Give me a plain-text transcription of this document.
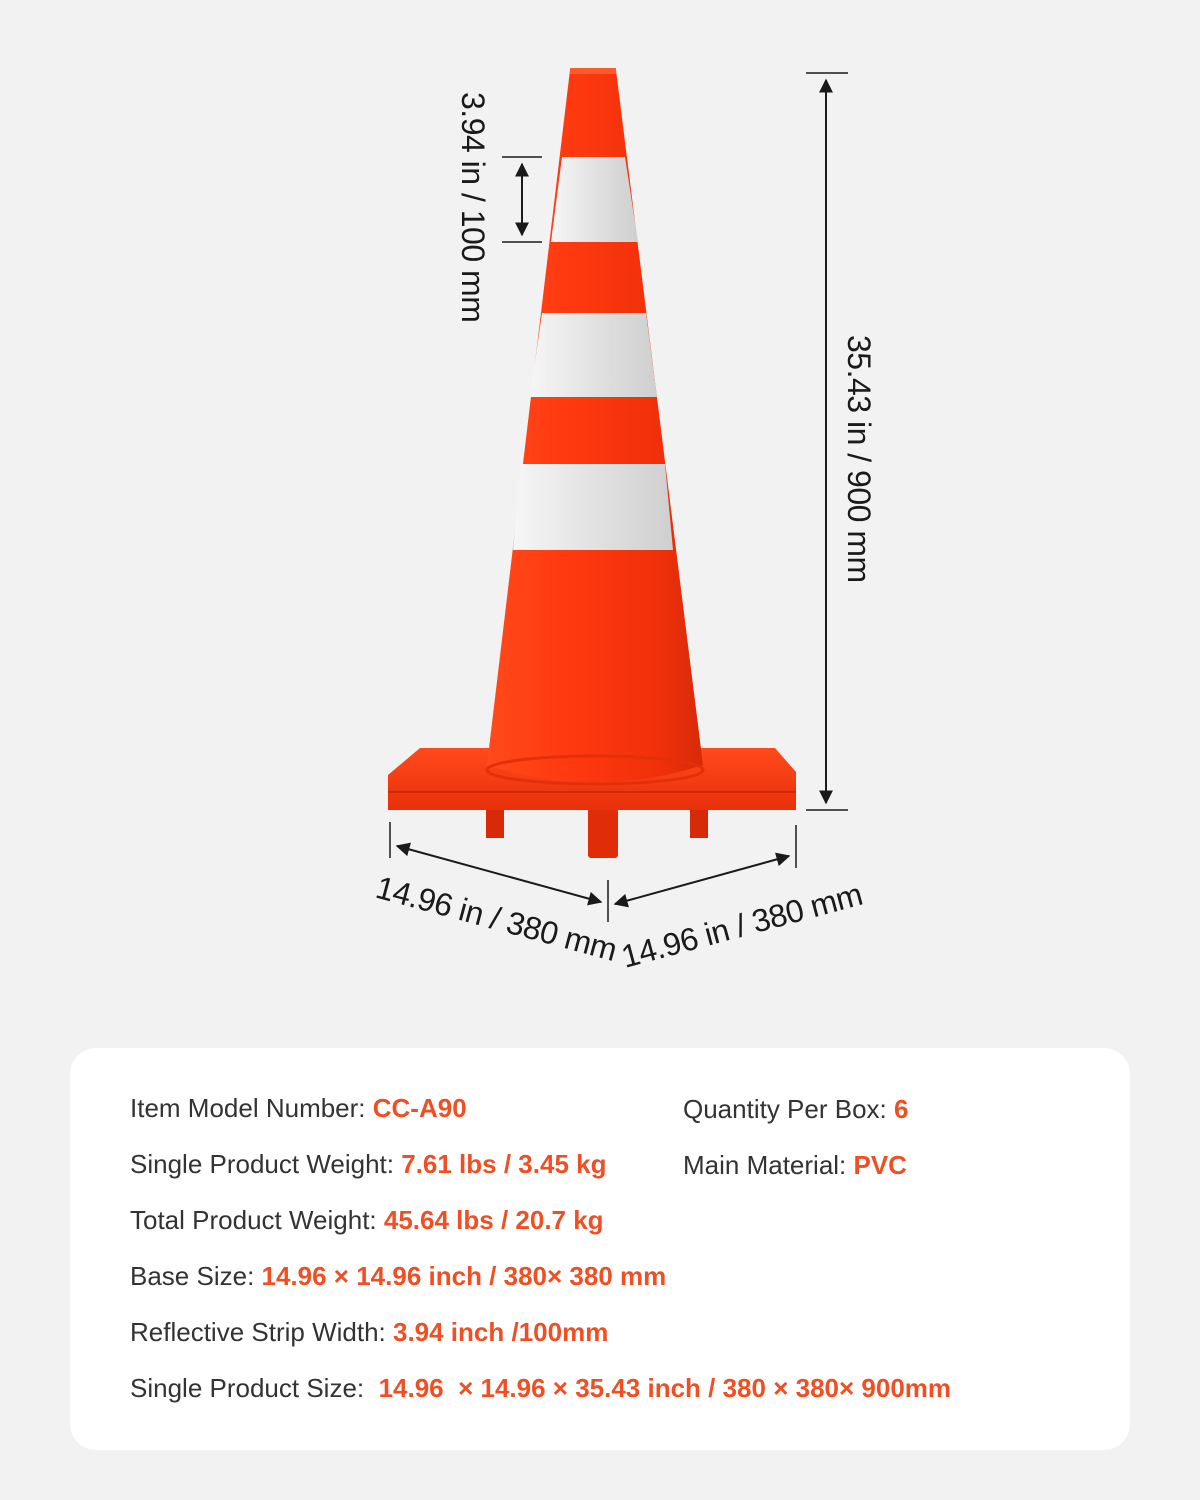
3.94 in / 100 mm
35.43 in / 900 mm
14.96 in / 380 mm
14.96 in / 380 mm
Item Model Number: CC-A90	Quantity Per Box: 6
Single Product Weight: 7.61 lbs / 3.45 kg	Main Material: PVC
Total Product Weight: 45.64 lbs / 20.7 kg
Base Size: 14.96 × 14.96 inch / 380× 380 mm
Reflective Strip Width: 3.94 inch /100mm
Single Product Size:  14.96  × 14.96 × 35.43 inch / 380 × 380× 900mm
